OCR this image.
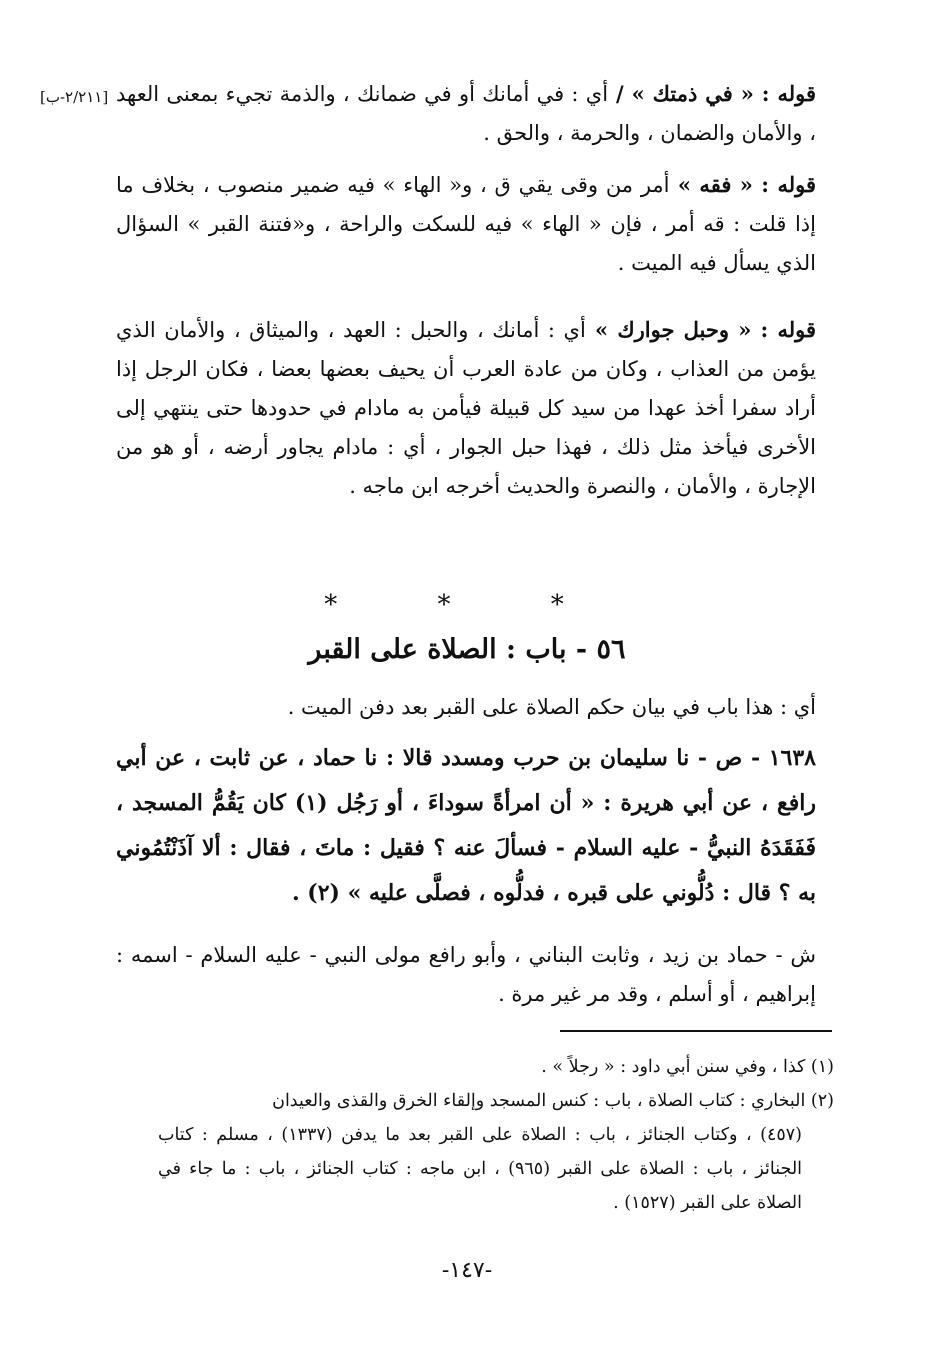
[٢/٢١١-ب]	قوله : « في ذمتك » / أي : في أمانك أو في ضمانك ، والذمة تجيء بمعنى العهد ، والأمان والضمان ، والحرمة ، والحق .

قوله : « فقه » أمر من وقى يقي ق ، و« الهاء » فيه ضمير منصوب ، بخلاف ما إذا قلت : قه أمر ، فإن « الهاء » فيه للسكت والراحة ، و«فتنة القبر » السؤال الذي يسأل فيه الميت .

قوله : « وحبل جوارك » أي : أمانك ، والحبل : العهد ، والميثاق ، والأمان الذي يؤمن من العذاب ، وكان من عادة العرب أن يحيف بعضها بعضا ، فكان الرجل إذا أراد سفرا أخذ عهدا من سيد كل قبيلة فيأمن به مادام في حدودها حتى ينتهي إلى الأخرى فيأخذ مثل ذلك ، فهذا حبل الجوار ، أي : مادام يجاور أرضه ، أو هو من الإجارة ، والأمان ، والنصرة والحديث أخرجه ابن ماجه .

* * *
٥٦ - باب : الصلاة على القبر

أي : هذا باب في بيان حكم الصلاة على القبر بعد دفن الميت .

١٦٣٨ - ص - نا سليمان بن حرب ومسدد قالا : نا حماد ، عن ثابت ، عن أبي رافع ، عن أبي هريرة : « أن امرأةً سوداءَ ، أو رَجُل (١) كان يَقُمُّ المسجد ، فَفَقَدَهُ النبيُّ - عليه السلام - فسألَ عنه ؟ فقيل : ماتَ ، فقال : ألا آذَنْتُمُوني به ؟ قال : دُلُّوني على قبره ، فدلُّوه ، فصلَّى عليه » (٢) .

ش - حماد بن زيد ، وثابت البناني ، وأبو رافع مولى النبي - عليه السلام - اسمه : إبراهيم ، أو أسلم ، وقد مر غير مرة .

(١) كذا ، وفي سنن أبي داود : « رجلاً » .

(٢) البخاري : كتاب الصلاة ، باب : كنس المسجد وإلقاء الخرق والقذى والعيدان

(٤٥٧) ، وكتاب الجنائز ، باب : الصلاة على القبر بعد ما يدفن (١٣٣٧) ، مسلم : كتاب الجنائز ، باب : الصلاة على القبر (٩٦٥) ، ابن ماجه : كتاب الجنائز ، باب : ما جاء في الصلاة على القبر (١٥٢٧) .

-١٤٧-
